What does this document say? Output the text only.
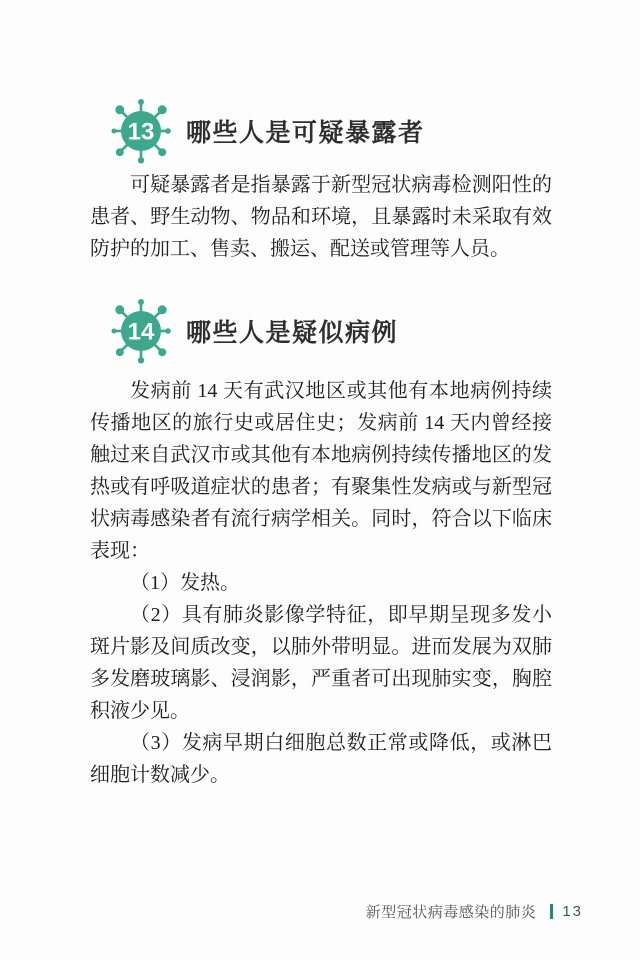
13 哪些人是可疑暴露者

可疑暴露者是指暴露于新型冠状病毒检测阳性的患者、野生动物、物品和环境，且暴露时未采取有效防护的加工、售卖、搬运、配送或管理等人员。

14 哪些人是疑似病例

发病前 14 天有武汉地区或其他有本地病例持续传播地区的旅行史或居住史；发病前 14 天内曾经接触过来自武汉市或其他有本地病例持续传播地区的发热或有呼吸道症状的患者；有聚集性发病或与新型冠状病毒感染者有流行病学相关。同时，符合以下临床表现：

（1）发热。

（2）具有肺炎影像学特征，即早期呈现多发小斑片影及间质改变，以肺外带明显。进而发展为双肺多发磨玻璃影、浸润影，严重者可出现肺实变，胸腔积液少见。

（3）发病早期白细胞总数正常或降低，或淋巴细胞计数减少。

新型冠状病毒感染的肺炎 13
